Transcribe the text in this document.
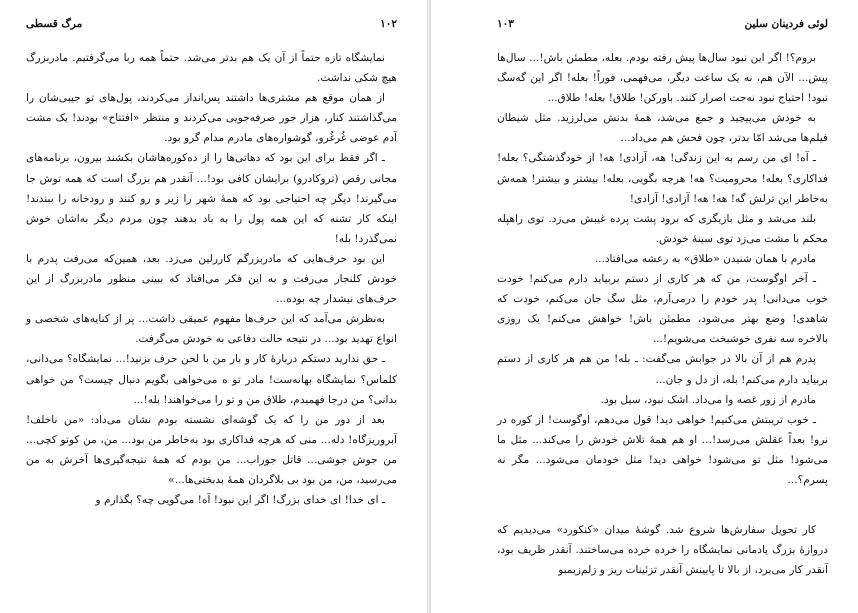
۱۰۲
مرگ قسطی

نمایشگاه تازه حتماً از آن یک هم بدتر می‌شد. حتماً همه ربا می‌گرفتیم. مادربزرگ هیچ شکی نداشت.

از همان موقع هم مشتری‌ها داشتند پس‌انداز می‌کردند، پول‌های تو جیبی‌شان را می‌گذاشتند کنار، هزار جور صرفه‌جویی می‌کردند و منتظر «افتتاح» بودند! یک مشت آدم عوضی غُرغُرو، گوشواره‌های مادرم مدام گرو بود.

ـ اگر فقط برای این بود که دهاتی‌ها را از ده‌کوره‌هاشان بکشند بیرون، برنامه‌های مجانی رقص (تروکادرو) برایشان کافی بود!... آنقدر هم بزرگ است که همه توش جا می‌گیرند! دیگر چه احتیاجی بود که همهٔ شهر را زیر و رو کنند و رودخانه را ببندند! اینکه کار تشنه که این همه پول را به باد بدهند چون مردم دیگر به‌اشان خوش نمی‌گذرد! بله!

این بود حرف‌هایی که مادربزرگم کاررلین می‌زد. بعد، همین‌که می‌رفت پدرم با خودش کلنجار می‌رفت و به این فکر می‌افتاد که ببینی منظور مادربزرگ از این حرف‌های نیشدار چه بوده...

به‌نظرش می‌آمد که این حرف‌ها مفهوم عمیقی داشت... پر از کنایه‌های شخصی و انواع تهدید بود... در نتیجه حالت دفاعی به خودش می‌گرفت.

ـ حق ندارید دستکم دربارهٔ کار و بار من با لحن حرف بزنید!... نمایشگاه؟ می‌دانی، کلماس؟ نمایشگاه بهانه‌ست! مادر تو ه می‌خواهی بگویم دنبال چیست؟ من خواهی بدانی؟ من درجا فهمیدم، طلاق من و تو را می‌خواهند! بله!...

بعد از دور من را که یک گوشه‌ای نشسته بودم نشان می‌داد: «من ناخلف! آبروریزگاه! دله... منی که هرچه فداکاری بود به‌خاطر من بود... من، من کوتو کچی... من جوش جوشی... قاتل جوراب... من بودم که همهٔ نتیجه‌گیری‌ها آخرش به من می‌رسید، من، من بود بی بلاگردان همهٔ بدبختی‌ها...»

ـ ای خدا! ای خدای بزرگ! اگر این نبود! آه! می‌گویی چه؟ بگذارم و

لوئی فردینان سلین
۱۰۳

بروم؟! اگر این نبود سال‌ها پیش رفته بودم. بعله، مطمئن باش!... سال‌ها پیش... الآن هم، نه یک ساعت دیگر، می‌فهمی، فوراً! بعله! اگر این گه‌سگ نبود! احتیاج نبود نه‌جت اصرار کنند. باورکن! طلاق! بعله! طلاق...

به خودش می‌پیچید و جمع می‌شد، همهٔ بدنش می‌لرزید. مثل شیطان فیلم‌ها می‌شد امّا بدتر، چون فحش هم می‌داد...

ـ آه! ای من رسم به این زندگی! هه، آزادی! هه! از خودگذشتگی؟ بعله! فداکاری؟ بعله! محرومیت؟ هه! هرچه بگویی، بعله! بیشتر و بیشتر! همه‌ش به‌خاطر این ترلش گه! هه! هه! آزادی! آزادی!

بلند می‌شد و مثل بازیگری که برود پشت پرده غیبش می‌زد. توی راهپله محکم با مشت می‌زد توی سینهٔ خودش.

مادرم با همان شنیدن «طلاق» به رعشه می‌افتاد...

ـ آخر اوگوست، من که هر کاری از دستم بربیاید دارم می‌کنم! خودت خوب می‌دانی! پدر خودم را درمی‌آرم، مثل سگ جان می‌کنم، خودت که شاهدی! وضع بهتر می‌شود، مطمئن باش! خواهش می‌کنم! یک روزی بالاخره سه نفری خوشبخت می‌شویم!...

پدرم هم از آن بالا در جوابش می‌گفت: ـ بله! من هم هر کاری از دستم بربیاید دارم می‌کنم! بله، از دل و جان...

مادرم از زور غصه وا می‌داد. اشک نبود، سیل بود.

ـ خوب تریبتش می‌کنیم! خواهی دید! قول می‌دهم، اوگوست! از کوره در نرو! بعداً عقلش می‌رسد!... او هم همهٔ تلاش خودش را می‌کند... مثل ما می‌شود! مثل تو می‌شود! خواهی دید! مثل خودمان می‌شود... مگر نه پسرم؟...

کار تحویل سفارش‌ها شروع شد. گوشهٔ میدان «کنکورد» می‌دیدیم که دروازهٔ بزرگ یادمانی نمایشگاه را خرده خرده می‌ساختند. آنقدر ظریف بود، آنقدر کار می‌برد، از بالا تا پایینش آنقدر تزئینات ریز و زلم‌زیمبو
